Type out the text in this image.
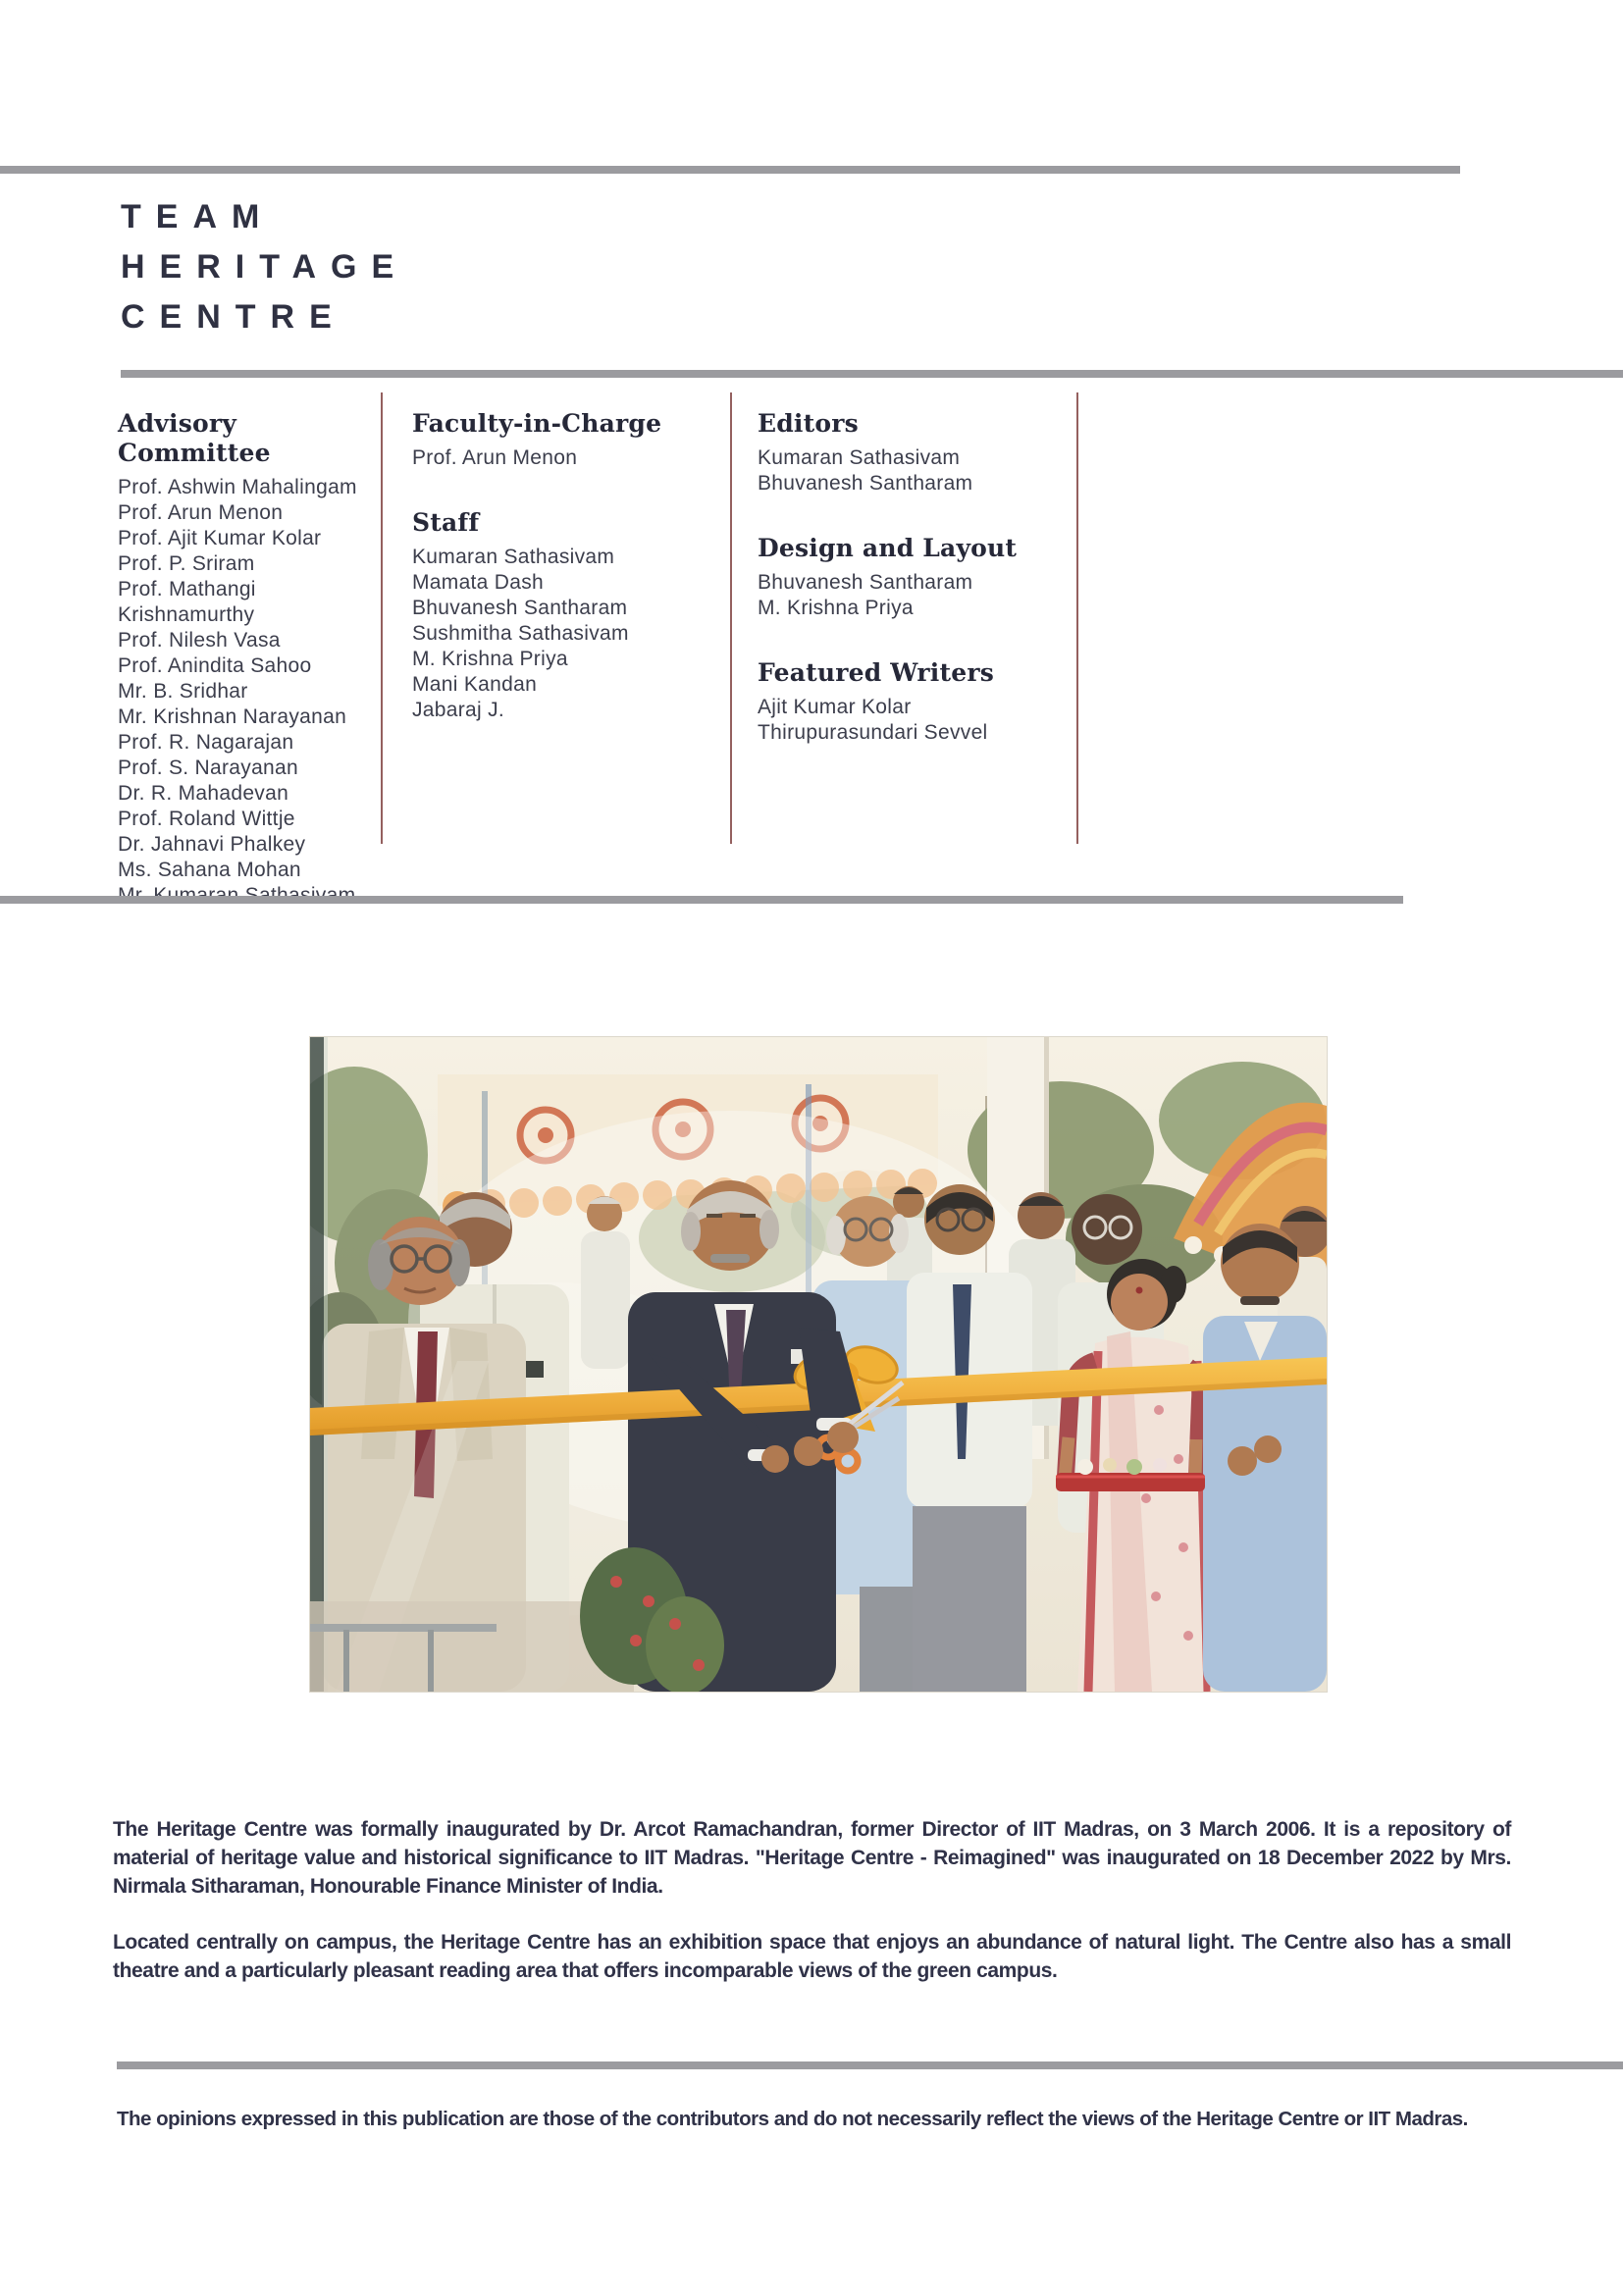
TEAM
HERITAGE
CENTRE
Advisory Committee
Prof. Ashwin Mahalingam
Prof. Arun Menon
Prof. Ajit Kumar Kolar
Prof. P. Sriram
Prof. Mathangi Krishnamurthy
Prof. Nilesh Vasa
Prof. Anindita Sahoo
Mr. B. Sridhar
Mr. Krishnan Narayanan
Prof. R. Nagarajan
Prof. S. Narayanan
Dr. R. Mahadevan
Prof. Roland Wittje
Dr. Jahnavi Phalkey
Ms. Sahana Mohan
Faculty-in-Charge
Prof. Arun Menon
Staff
Kumaran Sathasivam
Mamata Dash
Bhuvanesh Santharam
Sushmitha Sathasivam
M. Krishna Priya
Mani Kandan
Jabaraj J.
Editors
Kumaran Sathasivam
Bhuvanesh Santharam
Design and Layout
Bhuvanesh Santharam
M. Krishna Priya
Featured Writers
Ajit Kumar Kolar
Thirupurasundari Sevvel

The Heritage Centre was formally inaugurated by Dr. Arcot Ramachandran, former Director of IIT Madras, on 3 March 2006. It is a repository of material of heritage value and historical significance to IIT Madras. "Heritage Centre - Reimagined" was inaugurated on 18 December 2022 by Mrs. Nirmala Sitharaman, Honourable Finance Minister of India.

Located centrally on campus, the Heritage Centre has an exhibition space that enjoys an abundance of natural light. The Centre also has a small theatre and a particularly pleasant reading area that offers incomparable views of the green campus.

The opinions expressed in this publication are those of the contributors and do not necessarily reflect the views of the Heritage Centre or IIT Madras.
